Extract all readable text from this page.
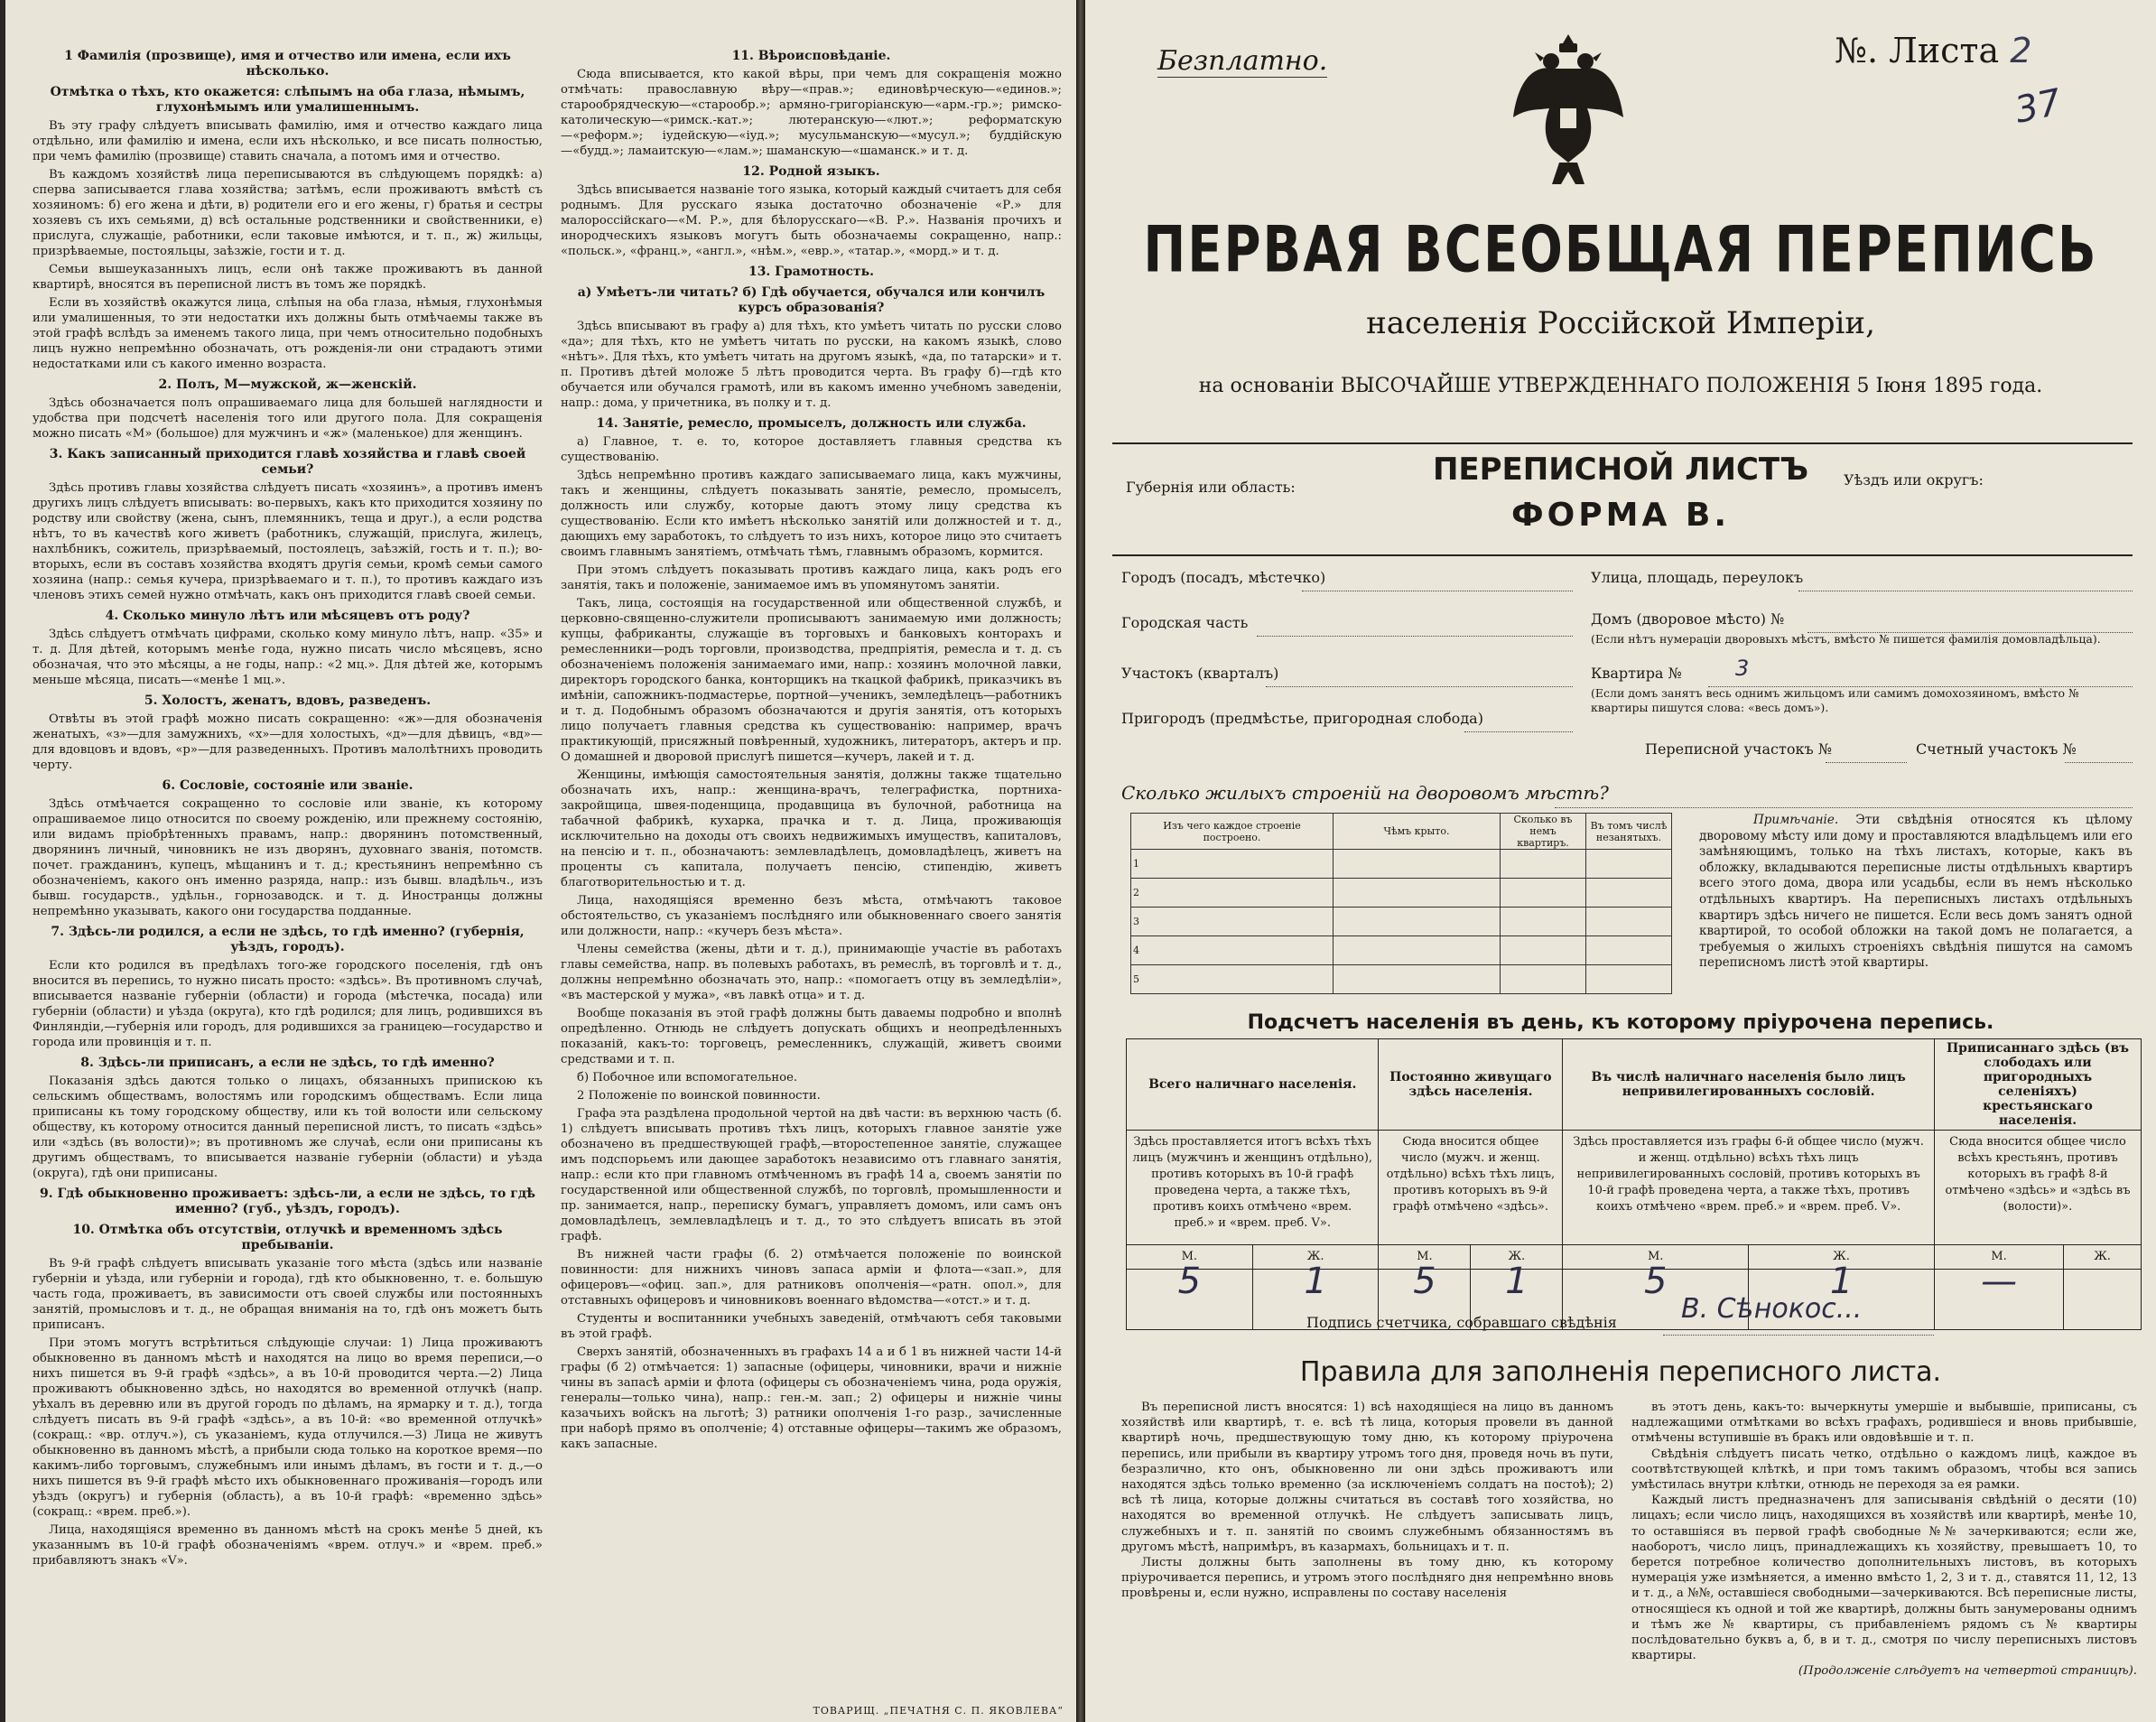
1 Фамилія (прозвище), имя и отчество или имена, если ихъ нѣсколько.
Отмѣтка о тѣхъ, кто окажется: слѣпымъ на оба глаза, нѣмымъ, глухонѣмымъ или умалишеннымъ.

Въ эту графу слѣдуетъ вписывать фамилію, имя и отчество каждаго лица отдѣльно, или фамилію и имена, если ихъ нѣсколько, и все писать полностью, при чемъ фамилію (прозвище) ставить сначала, а потомъ имя и отчество.

Въ каждомъ хозяйствѣ лица переписываются въ слѣдующемъ порядкѣ: а) сперва записывается глава хозяйства; затѣмъ, если проживаютъ вмѣстѣ съ хозяиномъ: б) его жена и дѣти, в) родители его и его жены, г) братья и сестры хозяевъ съ ихъ семьями, д) всѣ остальные родственники и свойственники, е) прислуга, служащіе, работники, если таковые имѣются, и т. п., ж) жильцы, призрѣваемые, постояльцы, заѣзжіе, гости и т. д.

Семьи вышеуказанныхъ лицъ, если онѣ также проживаютъ въ данной квартирѣ, вносятся въ переписной листъ въ томъ же порядкѣ.

Если въ хозяйствѣ окажутся лица, слѣпыя на оба глаза, нѣмыя, глухонѣмыя или умалишенныя, то эти недостатки ихъ должны быть отмѣчаемы также въ этой графѣ вслѣдъ за именемъ такого лица, при чемъ относительно подобныхъ лицъ нужно непремѣнно обозначать, отъ рожденія-ли они страдаютъ этими недостатками или съ какого именно возраста.

2. Полъ, М—мужской, ж—женскій.

Здѣсь обозначается полъ опрашиваемаго лица для большей наглядности и удобства при подсчетѣ населенія того или другого пола. Для сокращенія можно писать «М» (большое) для мужчинъ и «ж» (маленькое) для женщинъ.

3. Какъ записанный приходится главѣ хозяйства и главѣ своей семьи?

Здѣсь противъ главы хозяйства слѣдуетъ писать «хозяинъ», а противъ именъ другихъ лицъ слѣдуетъ вписывать: во-первыхъ, какъ кто приходится хозяину по родству или свойству (жена, сынъ, племянникъ, теща и друг.), а если родства нѣтъ, то въ качествѣ кого живетъ (работникъ, служащій, прислуга, жилецъ, нахлѣбникъ, сожитель, призрѣваемый, постоялецъ, заѣзжій, гость и т. п.); во-вторыхъ, если въ составъ хозяйства входятъ другія семьи, кромѣ семьи самого хозяина (напр.: семья кучера, призрѣваемаго и т. п.), то противъ каждаго изъ членовъ этихъ семей нужно отмѣчать, какъ онъ приходится главѣ своей семьи.

4. Сколько минуло лѣтъ или мѣсяцевъ отъ роду?

Здѣсь слѣдуетъ отмѣчать цифрами, сколько кому минуло лѣтъ, напр. «35» и т. д. Для дѣтей, которымъ менѣе года, нужно писать число мѣсяцевъ, ясно обозначая, что это мѣсяцы, а не годы, напр.: «2 мц.». Для дѣтей же, которымъ меньше мѣсяца, писать—«менѣе 1 мц.».

5. Холостъ, женатъ, вдовъ, разведенъ.

Отвѣты въ этой графѣ можно писать сокращенно: «ж»—для обозначенія женатыхъ, «з»—для замужнихъ, «х»—для холостыхъ, «д»—для дѣвицъ, «вд»—для вдовцовъ и вдовъ, «р»—для разведенныхъ. Противъ малолѣтнихъ проводить черту.

6. Сословіе, состояніе или званіе.

Здѣсь отмѣчается сокращенно то сословіе или званіе, къ которому опрашиваемое лицо относится по своему рожденію, или прежнему состоянію, или видамъ пріобрѣтенныхъ правамъ, напр.: дворянинъ потомственный, дворянинъ личный, чиновникъ не изъ дворянъ, духовнаго званія, потомств. почет. гражданинъ, купецъ, мѣщанинъ и т. д.; крестьянинъ непремѣнно съ обозначеніемъ, какого онъ именно разряда, напр.: изъ бывш. владѣльч., изъ бывш. государств., удѣльн., горнозаводск. и т. д. Иностранцы должны непремѣнно указывать, какого они государства подданные.

7. Здѣсь-ли родился, а если не здѣсь, то гдѣ именно? (губернія, уѣздъ, городъ).

Если кто родился въ предѣлахъ того-же городского поселенія, гдѣ онъ вносится въ перепись, то нужно писать просто: «здѣсь». Въ противномъ случаѣ, вписывается названіе губерніи (области) и города (мѣстечка, посада) или губерніи (области) и уѣзда (округа), кто гдѣ родился; для лицъ, родившихся въ Финляндіи,—губернія или городъ, для родившихся за границею—государство и города или провинція и т. п.

8. Здѣсь-ли приписанъ, а если не здѣсь, то гдѣ именно?

Показанія здѣсь даются только о лицахъ, обязанныхъ припискою къ сельскимъ обществамъ, волостямъ или городскимъ обществамъ. Если лица приписаны къ тому городскому обществу, или къ той волости или сельскому обществу, къ которому относится данный переписной листъ, то писать «здѣсь» или «здѣсь (въ волости)»; въ противномъ же случаѣ, если они приписаны къ другимъ обществамъ, то вписывается названіе губерніи (области) и уѣзда (округа), гдѣ они приписаны.

9. Гдѣ обыкновенно проживаетъ: здѣсь-ли, а если не здѣсь, то гдѣ именно? (губ., уѣздъ, городъ).
10. Отмѣтка объ отсутствіи, отлучкѣ и временномъ здѣсь пребываніи.

Въ 9-й графѣ слѣдуетъ вписывать указаніе того мѣста (здѣсь или названіе губерніи и уѣзда, или губерніи и города), гдѣ кто обыкновенно, т. е. большую часть года, проживаетъ, въ зависимости отъ своей службы или постоянныхъ занятій, промысловъ и т. д., не обращая вниманія на то, гдѣ онъ можетъ быть приписанъ.

При этомъ могутъ встрѣтиться слѣдующіе случаи: 1) Лица проживаютъ обыкновенно въ данномъ мѣстѣ и находятся на лицо во время переписи,—о нихъ пишется въ 9-й графѣ «здѣсь», а въ 10-й проводится черта.—2) Лица проживаютъ обыкновенно здѣсь, но находятся во временной отлучкѣ (напр. уѣхалъ въ деревню или въ другой городъ по дѣламъ, на ярмарку и т. д.), тогда слѣдуетъ писать въ 9-й графѣ «здѣсь», а въ 10-й: «во временной отлучкѣ» (сокращ.: «вр. отлуч.»), съ указаніемъ, куда отлучился.—3) Лица не живутъ обыкновенно въ данномъ мѣстѣ, а прибыли сюда только на короткое время—по какимъ-либо торговымъ, служебнымъ или инымъ дѣламъ, въ гости и т. д.,—о нихъ пишется въ 9-й графѣ мѣсто ихъ обыкновеннаго проживанія—городъ или уѣздъ (округъ) и губернія (область), а въ 10-й графѣ: «временно здѣсь» (сокращ.: «врем. преб.»).

Лица, находящіяся временно въ данномъ мѣстѣ на срокъ менѣе 5 дней, къ указаннымъ въ 10-й графѣ обозначеніямъ «врем. отлуч.» и «врем. преб.» прибавляютъ знакъ «V».

11. Вѣроисповѣданіе.

Сюда вписывается, кто какой вѣры, при чемъ для сокращенія можно отмѣчать: православную вѣру—«прав.»; единовѣрческую—«единов.»; старообрядческую—«старообр.»; армяно-григоріанскую—«арм.-гр.»; римско-католическую—«римск.-кат.»; лютеранскую—«лют.»; реформатскую—«реформ.»; іудейскую—«іуд.»; мусульманскую—«мусул.»; буддійскую—«будд.»; ламаитскую—«лам.»; шаманскую—«шаманск.» и т. д.

12. Родной языкъ.

Здѣсь вписывается названіе того языка, который каждый считаетъ для себя роднымъ. Для русскаго языка достаточно обозначеніе «Р.» для малороссійскаго—«М. Р.», для бѣлорусскаго—«В. Р.». Названія прочихъ и инородческихъ языковъ могутъ быть обозначаемы сокращенно, напр.: «польск.», «франц.», «англ.», «нѣм.», «евр.», «татар.», «морд.» и т. д.

13. Грамотность.
а) Умѣетъ-ли читать? б) Гдѣ обучается, обучался или кончилъ курсъ образованія?

Здѣсь вписывают въ графу а) для тѣхъ, кто умѣетъ читать по русски слово «да»; для тѣхъ, кто не умѣетъ читать по русски, на какомъ языкѣ, слово «нѣтъ». Для тѣхъ, кто умѣетъ читать на другомъ языкѣ, «да, по татарски» и т. п. Противъ дѣтей моложе 5 лѣтъ проводится черта. Въ графу б)—гдѣ кто обучается или обучался грамотѣ, или въ какомъ именно учебномъ заведеніи, напр.: дома, у причетника, въ полку и т. д.

14. Занятіе, ремесло, промыселъ, должность или служба.

а) Главное, т. е. то, которое доставляетъ главныя средства къ существованію.

Здѣсь непремѣнно противъ каждаго записываемаго лица, какъ мужчины, такъ и женщины, слѣдуетъ показывать занятіе, ремесло, промыселъ, должность или службу, которые даютъ этому лицу средства къ существованію. Если кто имѣетъ нѣсколько занятій или должностей и т. д., дающихъ ему заработокъ, то слѣдуетъ то изъ нихъ, которое лицо это считаетъ своимъ главнымъ занятіемъ, отмѣчать тѣмъ, главнымъ образомъ, кормится.

При этомъ слѣдуетъ показывать противъ каждаго лица, какъ родъ его занятія, такъ и положеніе, занимаемое имъ въ упомянутомъ занятіи.

Такъ, лица, состоящія на государственной или общественной службѣ, и церковно-священно-служители прописываютъ занимаемую ими должность; купцы, фабриканты, служащіе въ торговыхъ и банковыхъ конторахъ и ремесленники—родъ торговли, производства, предпріятія, ремесла и т. д. съ обозначеніемъ положенія занимаемаго ими, напр.: хозяинъ молочной лавки, директоръ городского банка, конторщикъ на ткацкой фабрикѣ, приказчикъ въ имѣніи, сапожникъ-подмастерье, портной—ученикъ, земледѣлецъ—работникъ и т. д. Подобнымъ образомъ обозначаются и другія занятія, отъ которыхъ лицо получаетъ главныя средства къ существованію: например, врачъ практикующій, присяжный повѣренный, художникъ, литераторъ, актеръ и пр. О домашней и дворовой прислугѣ пишется—кучеръ, лакей и т. д.

Женщины, имѣющія самостоятельныя занятія, должны также тщательно обозначать ихъ, напр.: женщина-врачъ, телеграфистка, портниха-закройщица, швея-поденщица, продавщица въ булочной, работница на табачной фабрикѣ, кухарка, прачка и т. д. Лица, проживающія исключительно на доходы отъ своихъ недвижимыхъ имуществъ, капиталовъ, на пенсію и т. п., обозначаютъ: землевладѣлецъ, домовладѣлецъ, живетъ на проценты съ капитала, получаетъ пенсію, стипендію, живетъ благотворительностью и т. д.

Лица, находящіяся временно безъ мѣста, отмѣчаютъ таковое обстоятельство, съ указаніемъ послѣдняго или обыкновеннаго своего занятія или должности, напр.: «кучеръ безъ мѣста».

Члены семейства (жены, дѣти и т. д.), принимающіе участіе въ работахъ главы семейства, напр. въ полевыхъ работахъ, въ ремеслѣ, въ торговлѣ и т. д., должны непремѣнно обозначать это, напр.: «помогаетъ отцу въ земледѣліи», «въ мастерской у мужа», «въ лавкѣ отца» и т. д.

Вообще показанія въ этой графѣ должны быть даваемы подробно и вполнѣ опредѣленно. Отнюдь не слѣдуетъ допускать общихъ и неопредѣленныхъ показаній, какъ-то: торговецъ, ремесленникъ, служащій, живетъ своими средствами и т. п.

б) Побочное или вспомогательное.

2 Положеніе по воинской повинности.

Графа эта раздѣлена продольной чертой на двѣ части: въ верхнюю часть (б. 1) слѣдуетъ вписывать противъ тѣхъ лицъ, которыхъ главное занятіе уже обозначено въ предшествующей графѣ,—второстепенное занятіе, служащее имъ подспорьемъ или дающее заработокъ независимо отъ главнаго занятія, напр.: если кто при главномъ отмѣченномъ въ графѣ 14 а, своемъ занятіи по государственной или общественной службѣ, по торговлѣ, промышленности и пр. занимается, напр., переписку бумагъ, управляетъ домомъ, или самъ онъ домовладѣлецъ, землевладѣлецъ и т. д., то это слѣдуетъ вписать въ этой графѣ.

Въ нижней части графы (б. 2) отмѣчается положеніе по воинской повинности: для нижнихъ чиновъ запаса армiи и флота—«зап.», для офицеровъ—«офиц. зап.», для ратниковъ ополченія—«ратн. опол.», для отставныхъ офицеровъ и чиновниковъ военнаго вѣдомства—«отст.» и т. д.

Студенты и воспитанники учебныхъ заведеній, отмѣчаютъ себя таковыми въ этой графѣ.

Сверхъ занятій, обозначенныхъ въ графахъ 14 а и б 1 въ нижней части 14-й графы (б 2) отмѣчается: 1) запасные (офицеры, чиновники, врачи и нижніе чины въ запасѣ арміи и флота (офицеры съ обозначеніемъ чина, рода оружія, генералы—только чина), напр.: ген.-м. зап.; 2) офицеры и нижніе чины казачьихъ войскъ на льготѣ; 3) ратники ополченія 1-го разр., зачисленные при наборѣ прямо въ ополченіе; 4) отставные офицеры—такимъ же образомъ, какъ запасные.

ТОВАРИЩ. „ПЕЧАТНЯ С. П. ЯКОВЛЕВА“
Безплатно.	№. Листа 2
37
ПЕРВАЯ ВСЕОБЩАЯ ПЕРЕПИСЬ
населенія Россійской Имперіи,
на основаніи ВЫСОЧАЙШЕ УТВЕРЖДЕННАГО ПОЛОЖЕНІЯ 5 Іюня 1895 года.
Губернія или область:	Уѣздъ или округъ:
ПЕРЕПИСНОЙ ЛИСТЪ
ФОРМА В.
Городъ (посадъ, мѣстечко)	Улица, площадь, переулокъ
Городская часть	Домъ (дворовое мѣсто) №
(Если нѣтъ нумераціи дворовыхъ мѣстъ, вмѣсто № пишется фамилія домовладѣльца).
Участокъ (кварталъ)	Квартира № 3
(Если домъ занятъ весь однимъ жильцомъ или самимъ домохозяиномъ, вмѣсто № квартиры пишутся слова: «весь домъ»).
Пригородъ (предмѣстье, пригородная слобода)
Переписной участокъ №	Счетный участокъ №
Сколько жилыхъ строеній на дворовомъ мѣстѣ?
Изъ чего каждое строеніе построено.		Чѣмъ крыто.	Сколько въ немъ квартиръ.	Въ томъ числѣ незанятыхъ.
1				
2				
3				
4				
5				

Примѣчаніе. Эти свѣдѣнія относятся къ цѣлому дворовому мѣсту или дому и проставляются владѣльцемъ или его замѣняющимъ, только на тѣхъ листахъ, которые, какъ въ обложку, вкладываются переписные листы отдѣльныхъ квартиръ всего этого дома, двора или усадьбы, если въ немъ нѣсколько отдѣльныхъ квартиръ. На переписныхъ листахъ отдѣльныхъ квартиръ здѣсь ничего не пишется. Если весь домъ занятъ одной квартирой, то особой обложки на такой домъ не полагается, а требуемыя о жилыхъ строеніяхъ свѣдѣнія пишутся на самомъ переписномъ листѣ этой квартиры.

Подсчетъ населенія въ день, къ которому пріурочена перепись.
Всего наличнаго населенія.		Постоянно живущаго здѣсь населенія.		Въ числѣ наличнаго населенія было лицъ непривилегированныхъ сословій.		Приписаннаго здѣсь (въ слободахъ или пригородныхъ селеніяхъ) крестьянскаго населенія.	
Здѣсь проставляется итогъ всѣхъ тѣхъ лицъ (мужчинъ и женщинъ отдѣльно), противъ которыхъ въ 10-й графѣ проведена черта, а также тѣхъ, противъ коихъ отмѣчено «врем. преб.» и «врем. преб. V».		Сюда вносится общее число (мужч. и женщ. отдѣльно) всѣхъ тѣхъ лицъ, противъ которыхъ въ 9-й графѣ отмѣчено «здѣсь».		Здѣсь проставляется изъ графы 6-й общее число (мужч. и женщ. отдѣльно) всѣхъ тѣхъ лицъ непривилегированныхъ сословій, противъ которыхъ въ 10-й графѣ проведена черта, а также тѣхъ, противъ коихъ отмѣчено «врем. преб.» и «врем. преб. V».		Сюда вносится общее число всѣхъ крестьянъ, противъ которыхъ въ графѣ 8-й отмѣчено «здѣсь» и «здѣсь въ (волости)».	
М.	Ж.	М.	Ж.	М.	Ж.	М.	Ж.
5	1	5	1	5	1	—	
Подпись счетчика, собравшаго свѣдѣнія В. Сѣнокос...
Правила для заполненія переписного листа.

Въ переписной листъ вносятся: 1) всѣ находящіеся на лицо въ данномъ хозяйствѣ или квартирѣ, т. е. всѣ тѣ лица, которыя провели въ данной квартирѣ ночь, предшествующую тому дню, къ которому пріурочена перепись, или прибыли въ квартиру утромъ того дня, проведя ночь въ пути, безразлично, кто онъ, обыкновенно ли они здѣсь проживаютъ или находятся здѣсь только временно (за исключеніемъ солдатъ на постоѣ); 2) всѣ тѣ лица, которые должны считаться въ составѣ того хозяйства, но находятся во временной отлучкѣ. Не слѣдуетъ записывать лицъ, служебныхъ и т. п. занятій по своимъ служебнымъ обязанностямъ въ другомъ мѣстѣ, напримѣръ, въ казармахъ, больницахъ и т. п.

Листы должны быть заполнены въ тому дню, къ которому пріурочивается перепись, и утромъ этого послѣдняго дня непремѣнно вновь провѣрены и, если нужно, исправлены по составу населенія

въ этотъ день, какъ-то: вычеркнуты умершіе и выбывшіе, приписаны, съ надлежащими отмѣтками во всѣхъ графахъ, родившіеся и вновь прибывшіе, отмѣчены вступившіе въ бракъ или овдовѣвшіе и т. п.

Свѣдѣнія слѣдуетъ писать четко, отдѣльно о каждомъ лицѣ, каждое въ соотвѣтствующей клѣткѣ, и при томъ такимъ образомъ, чтобы вся запись умѣстилась внутри клѣтки, отнюдь не переходя за ея рамки.

Каждый листъ предназначенъ для записыванія свѣдѣній о десяти (10) лицахъ; если число лицъ, находящихся въ хозяйствѣ или квартирѣ, менѣе 10, то оставшіяся въ первой графѣ свободные №№ зачеркиваются; если же, наоборотъ, число лицъ, принадлежащихъ къ хозяйству, превышаетъ 10, то берется потребное количество дополнительныхъ листовъ, въ которыхъ нумерація уже измѣняется, а именно вмѣсто 1, 2, 3 и т. д., ставятся 11, 12, 13 и т. д., а №№, оставшіеся свободными—зачеркиваются. Всѣ переписные листы, относящіеся къ одной и той же квартирѣ, должны быть занумерованы однимъ и тѣмъ же № квартиры, съ прибавленіемъ рядомъ съ № квартиры послѣдовательно буквъ а, б, в и т. д., смотря по числу переписныхъ листовъ квартиры.

(Продолженіе слѣдуетъ на четвертой страницѣ).
